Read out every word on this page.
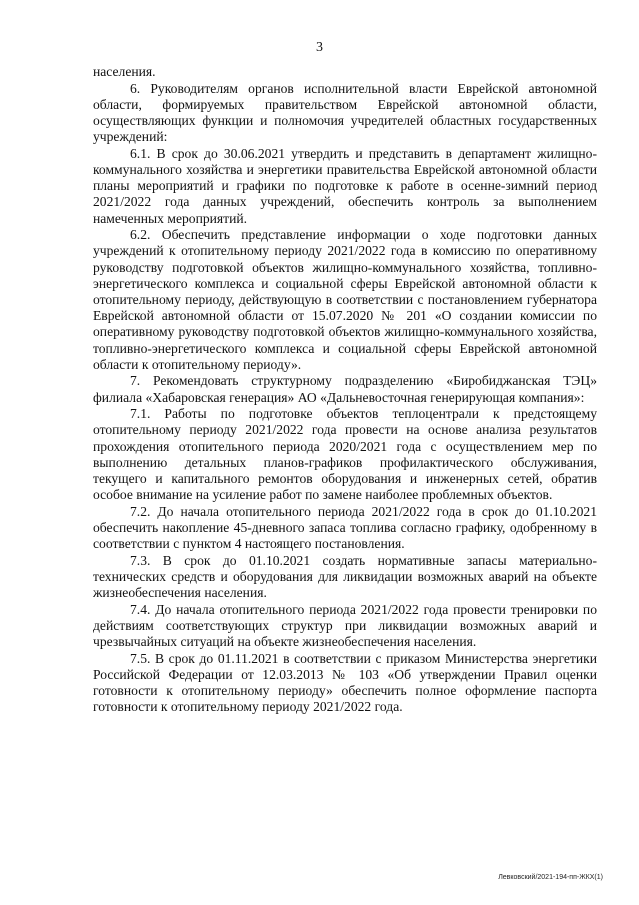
3

населения.

6. Руководителям органов исполнительной власти Еврейской автономной области, формируемых правительством Еврейской автономной области, осуществляющих функции и полномочия учредителей областных государственных учреждений:

6.1. В срок до 30.06.2021 утвердить и представить в департамент жилищно-коммунального хозяйства и энергетики правительства Еврейской автономной области планы мероприятий и графики по подготовке к работе в осенне-зимний период 2021/2022 года данных учреждений, обеспечить контроль за выполнением намеченных мероприятий.

6.2. Обеспечить представление информации о ходе подготовки данных учреждений к отопительному периоду 2021/2022 года в комиссию по оперативному руководству подготовкой объектов жилищно-коммунального хозяйства, топливно-энергетического комплекса и социальной сферы Еврейской автономной области к отопительному периоду, действующую в соответствии с постановлением губернатора Еврейской автономной области от 15.07.2020 № 201 «О создании комиссии по оперативному руководству подготовкой объектов жилищно-коммунального хозяйства, топливно-энергетического комплекса и социальной сферы Еврейской автономной области к отопительному периоду».

7. Рекомендовать структурному подразделению «Биробиджанская ТЭЦ» филиала «Хабаровская генерация» АО «Дальневосточная генерирующая компания»:

7.1. Работы по подготовке объектов теплоцентрали к предстоящему отопительному периоду 2021/2022 года провести на основе анализа результатов прохождения отопительного периода 2020/2021 года с осуществлением мер по выполнению детальных планов-графиков профилактического обслуживания, текущего и капитального ремонтов оборудования и инженерных сетей, обратив особое внимание на усиление работ по замене наиболее проблемных объектов.

7.2. До начала отопительного периода 2021/2022 года в срок до 01.10.2021 обеспечить накопление 45-дневного запаса топлива согласно графику, одобренному в соответствии с пунктом 4 настоящего постановления.

7.3. В срок до 01.10.2021 создать нормативные запасы материально-технических средств и оборудования для ликвидации возможных аварий на объекте жизнеобеспечения населения.

7.4. До начала отопительного периода 2021/2022 года провести тренировки по действиям соответствующих структур при ликвидации возможных аварий и чрезвычайных ситуаций на объекте жизнеобеспечения населения.

7.5. В срок до 01.11.2021 в соответствии с приказом Министерства энергетики Российской Федерации от 12.03.2013 № 103 «Об утверждении Правил оценки готовности к отопительному периоду» обеспечить полное оформление паспорта готовности к отопительному периоду 2021/2022 года.

Левковский/2021-194-пп-ЖКХ(1)
